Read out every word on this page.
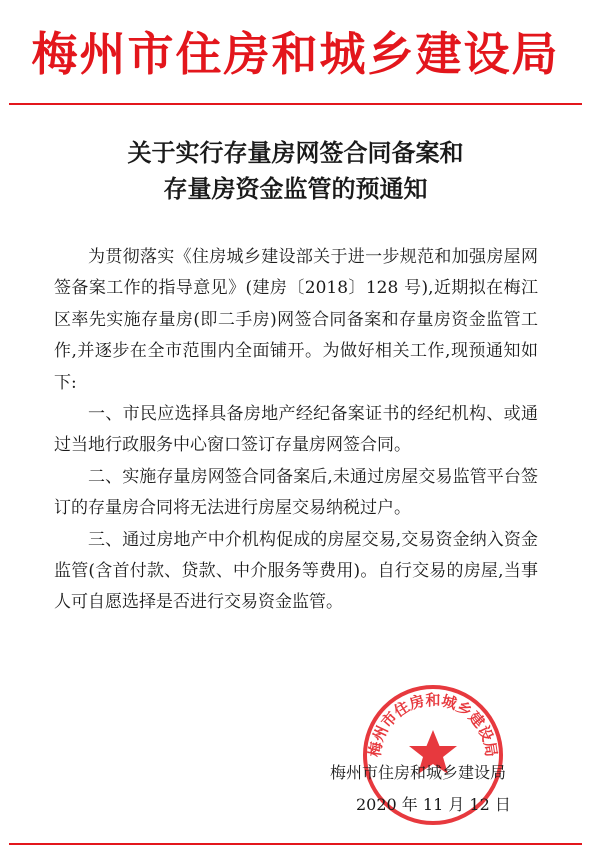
梅州市住房和城乡建设局
关于实行存量房网签合同备案和
存量房资金监管的预通知

为贯彻落实《住房城乡建设部关于进一步规范和加强房屋网签备案工作的指导意见》(建房〔2018〕128 号),近期拟在梅江区率先实施存量房(即二手房)网签合同备案和存量房资金监管工作,并逐步在全市范围内全面铺开。为做好相关工作,现预通知如下:

一、市民应选择具备房地产经纪备案证书的经纪机构、或通过当地行政服务中心窗口签订存量房网签合同。

二、实施存量房网签合同备案后,未通过房屋交易监管平台签订的存量房合同将无法进行房屋交易纳税过户。

三、通过房地产中介机构促成的房屋交易,交易资金纳入资金监管(含首付款、贷款、中介服务等费用)。自行交易的房屋,当事人可自愿选择是否进行交易资金监管。

梅州市住房和城乡建设局
梅州市住房和城乡建设局
2020 年 11 月 12 日
